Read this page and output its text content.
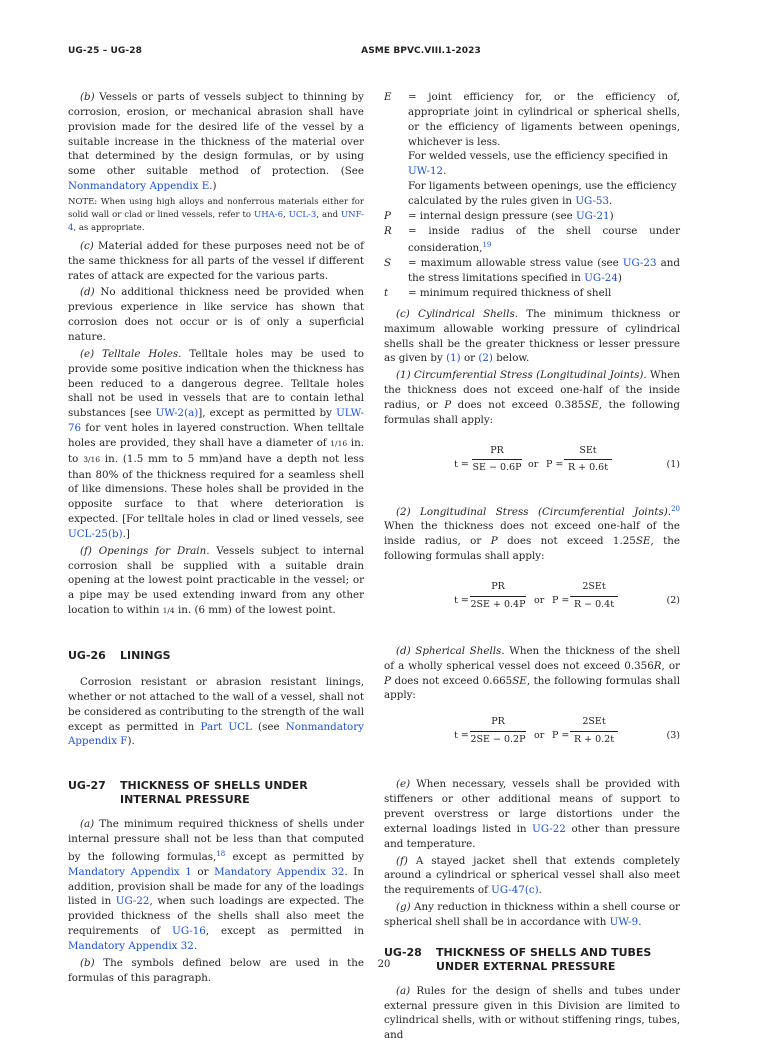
UG-25 – UG-28	ASME BPVC.VIII.1-2023

(b) Vessels or parts of vessels subject to thinning by corrosion, erosion, or mechanical abrasion shall have provision made for the desired life of the vessel by a suitable increase in the thickness of the material over that determined by the design formulas, or by using some other suitable method of protection. (See Nonmandatory Appendix E.)

NOTE: When using high alloys and nonferrous materials either for solid wall or clad or lined vessels, refer to UHA-6, UCL-3, and UNF-4, as appropriate.

(c) Material added for these purposes need not be of the same thickness for all parts of the vessel if different rates of attack are expected for the various parts.

(d) No additional thickness need be provided when previous experience in like service has shown that corrosion does not occur or is of only a superficial nature.

(e) Telltale Holes. Telltale holes may be used to provide some positive indication when the thickness has been reduced to a dangerous degree. Telltale holes shall not be used in vessels that are to contain lethal substances [see UW-2(a)], except as permitted by ULW-76 for vent holes in layered construction. When telltale holes are provided, they shall have a diameter of 1/16 in. to 3/16 in. (1.5 mm to 5 mm)and have a depth not less than 80% of the thickness required for a seamless shell of like dimensions. These holes shall be provided in the opposite surface to that where deterioration is expected. [For telltale holes in clad or lined vessels, see UCL-25(b).]

(f) Openings for Drain. Vessels subject to internal corrosion shall be supplied with a suitable drain opening at the lowest point practicable in the vessel; or a pipe may be used extending inward from any other location to within 1/4 in. (6 mm) of the lowest point.

UG-26	LININGS

Corrosion resistant or abrasion resistant linings, whether or not attached to the wall of a vessel, shall not be considered as contributing to the strength of the wall except as permitted in Part UCL (see Nonmandatory Appendix F).

UG-27	THICKNESS OF SHELLS UNDER INTERNAL PRESSURE

(a) The minimum required thickness of shells under internal pressure shall not be less than that computed by the following formulas,$^{18}$ except as permitted by Mandatory Appendix 1 or Mandatory Appendix 32. In addition, provision shall be made for any of the loadings listed in UG-22, when such loadings are expected. The provided thickness of the shells shall also meet the requirements of UG-16, except as permitted in Mandatory Appendix 32.

(b) The symbols defined below are used in the formulas of this paragraph.

E	= joint efficiency for, or the efficiency of, appropriate joint in cylindrical or spherical shells, or the efficiency of ligaments between openings, whichever is less.
For welded vessels, use the efficiency specified in UW-12.
For ligaments between openings, use the efficiency calculated by the rules given in UG-53.
P	= internal design pressure (see UG-21)
R	= inside radius of the shell course under consideration,$^{19}$
S	= maximum allowable stress value (see UG-23 and the stress limitations specified in UG-24)
t	= minimum required thickness of shell

(c) Cylindrical Shells. The minimum thickness or maximum allowable working pressure of cylindrical shells shall be the greater thickness or lesser pressure as given by (1) or (2) below.

(1) Circumferential Stress (Longitudinal Joints). When the thickness does not exceed one-half of the inside radius, or P does not exceed 0.385SE, the following formulas shall apply:

t =
PR
SE − 0.6P or P =
SEt
R + 0.6t	(1)

(2) Longitudinal Stress (Circumferential Joints).$^{20}$ When the thickness does not exceed one-half of the inside radius, or P does not exceed 1.25SE, the following formulas shall apply:

t =
PR
2SE + 0.4P or P =
2SEt
R − 0.4t	(2)

(d) Spherical Shells. When the thickness of the shell of a wholly spherical vessel does not exceed 0.356R, or P does not exceed 0.665SE, the following formulas shall apply:

t =
PR
2SE − 0.2P or P =
2SEt
R + 0.2t	(3)

(e) When necessary, vessels shall be provided with stiffeners or other additional means of support to prevent overstress or large distortions under the external loadings listed in UG-22 other than pressure and temperature.

(f) A stayed jacket shell that extends completely around a cylindrical or spherical vessel shall also meet the requirements of UG-47(c).

(g) Any reduction in thickness within a shell course or spherical shell shall be in accordance with UW-9.

UG-28	THICKNESS OF SHELLS AND TUBES UNDER EXTERNAL PRESSURE

(a) Rules for the design of shells and tubes under external pressure given in this Division are limited to cylindrical shells, with or without stiffening rings, tubes, and

20
